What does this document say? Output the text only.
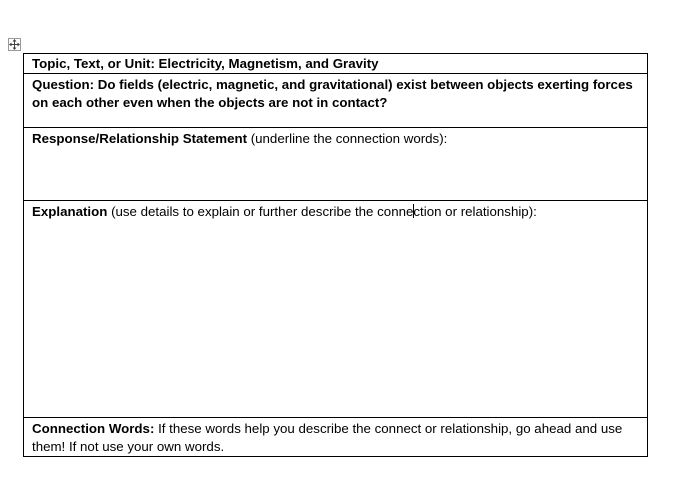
Topic, Text, or Unit: Electricity, Magnetism, and Gravity
Question: Do fields (electric, magnetic, and gravitational) exist between objects exerting forces on each other even when the objects are not in contact?
Response/Relationship Statement (underline the connection words):
Explanation (use details to explain or further describe the connection or relationship):
Connection Words: If these words help you describe the connect or relationship, go ahead and use them! If not use your own words.
